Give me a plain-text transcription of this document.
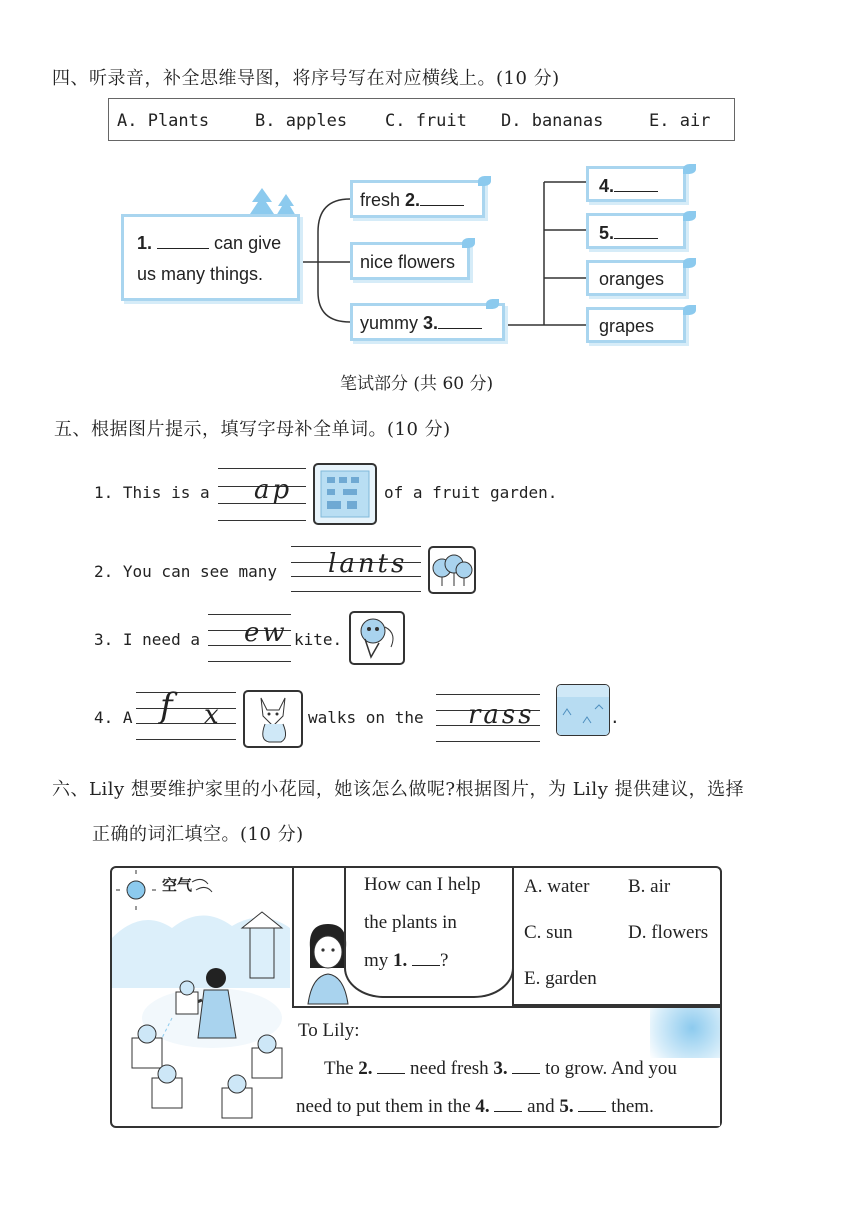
四、听录音，补全思维导图，将序号写在对应横线上。(10 分)
A. Plants	B. apples C. fruit D. bananas	E. air
1.	can give
us many things.
fresh 2.
nice flowers
yummy 3.
4.
5.
oranges
grapes
笔试部分 (共 60 分)
五、根据图片提示，填写字母补全单词。(10 分)
1. This is a ap	of a fruit garden.
2. You can see many lants
3. I need a ew kite.
4. A f x	walks on the rass	.
六、Lily 想要维护家里的小花园，她该怎么做呢?根据图片，为 Lily 提供建议，选择
正确的词汇填空。(10 分)
空气	How can I help
the plants in
my 1. ?
A. water B. air
C. sun	D. flowers
E. garden
To Lily:
The 2. need fresh 3. to grow. And you
need to put them in the 4. and 5. them.
